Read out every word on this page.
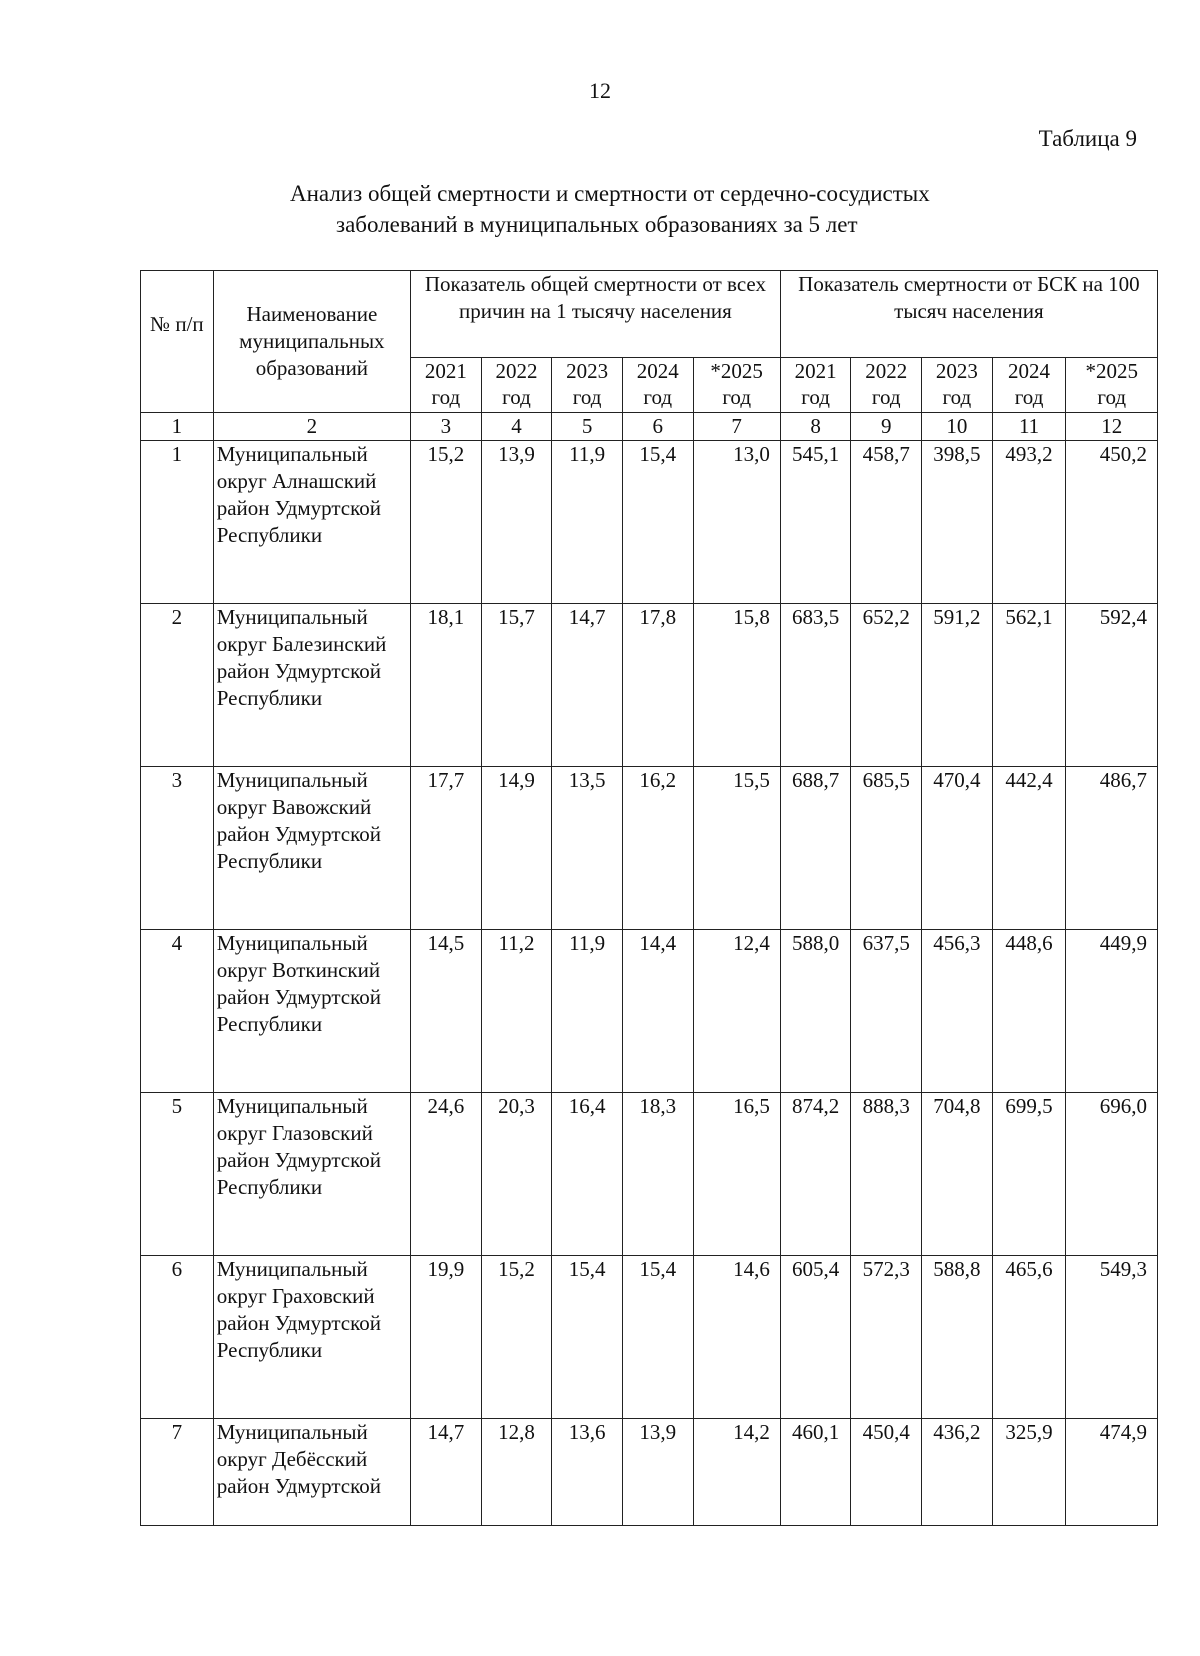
12
Таблица 9
Анализ общей смертности и смертности от сердечно-сосудистых
заболеваний в муниципальных образованиях за 5 лет
№ п/п	Наименование муниципальных образований	Показатель общей смертности от всех причин на 1 тысячу населения					Показатель смертности от БСК на 100 тысяч населения				
		2021 год	2022 год	2023 год	2024 год	*2025 год	2021 год	2022 год	2023 год	2024 год	*2025 год
1	2	3	4	5	6	7	8	9	10	11	12
1	Муниципальный округ Алнашский район Удмуртской Республики	15,2	13,9	11,9	15,4	13,0	545,1	458,7	398,5	493,2	450,2
2	Муниципальный округ Балезинский район Удмуртской Республики	18,1	15,7	14,7	17,8	15,8	683,5	652,2	591,2	562,1	592,4
3	Муниципальный округ Вавожский район Удмуртской Республики	17,7	14,9	13,5	16,2	15,5	688,7	685,5	470,4	442,4	486,7
4	Муниципальный округ Воткинский район Удмуртской Республики	14,5	11,2	11,9	14,4	12,4	588,0	637,5	456,3	448,6	449,9
5	Муниципальный округ Глазовский район Удмуртской Республики	24,6	20,3	16,4	18,3	16,5	874,2	888,3	704,8	699,5	696,0
6	Муниципальный округ Граховский район Удмуртской Республики	19,9	15,2	15,4	15,4	14,6	605,4	572,3	588,8	465,6	549,3
7	Муниципальный округ Дебёсский район Удмуртской	14,7	12,8	13,6	13,9	14,2	460,1	450,4	436,2	325,9	474,9
